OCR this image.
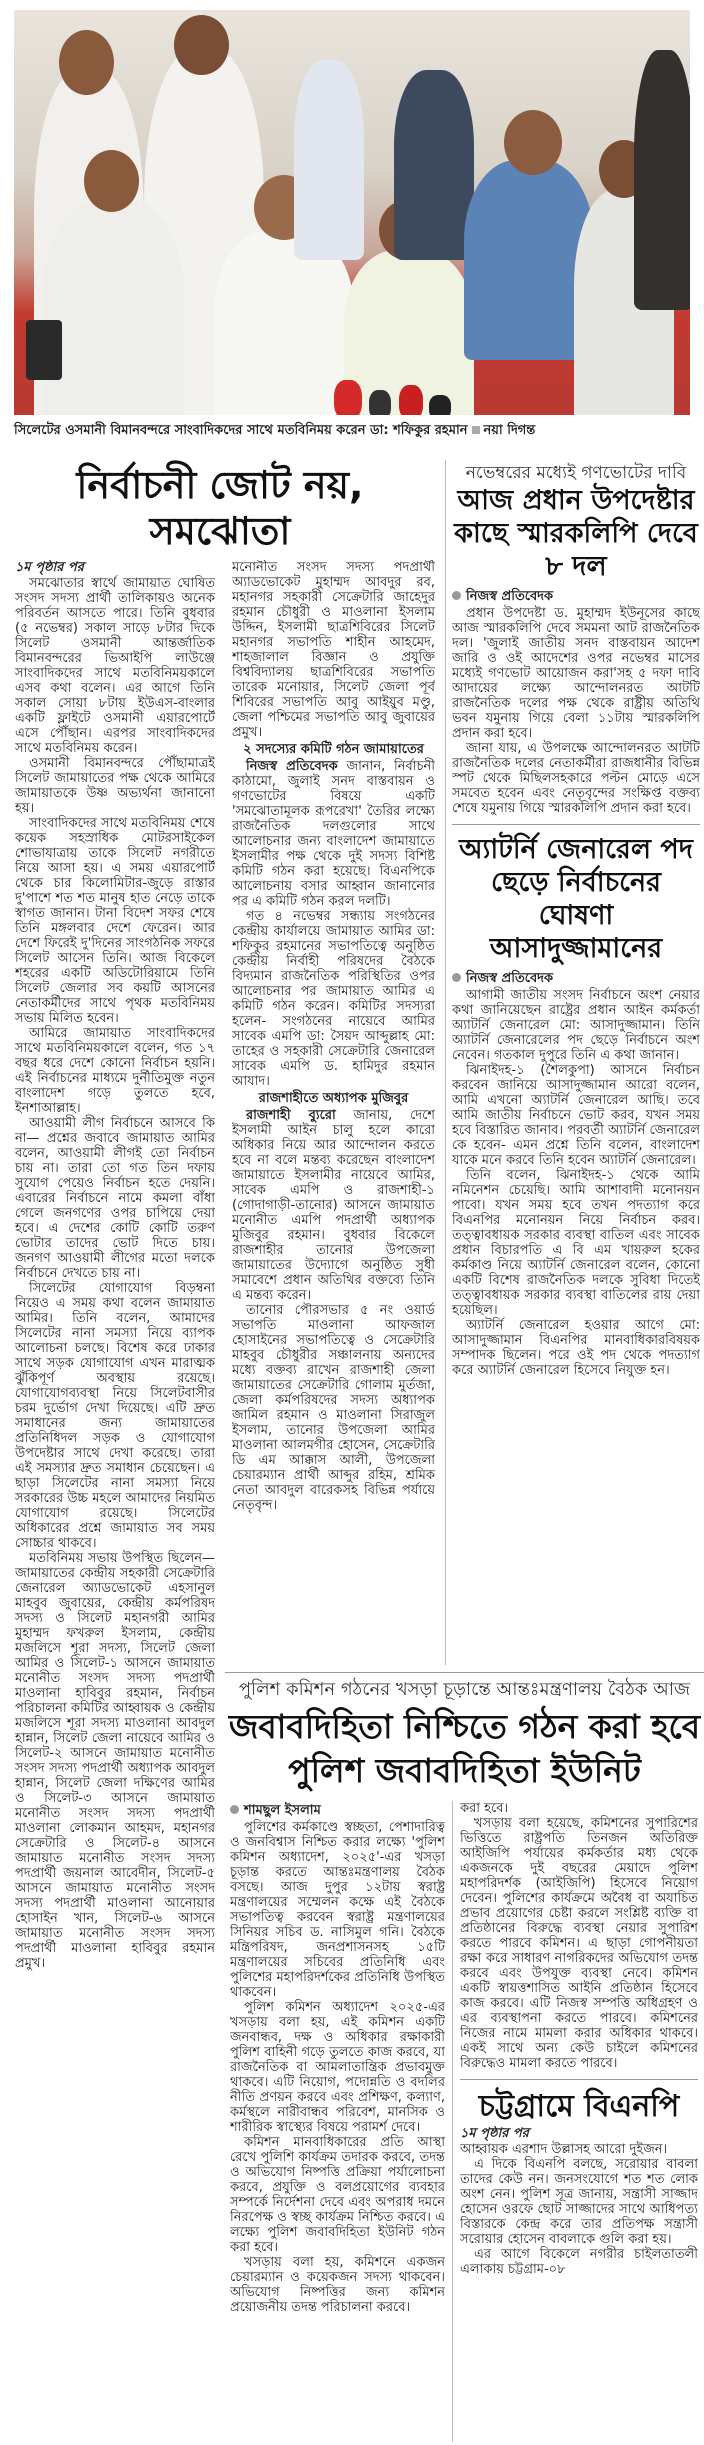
সিলেটের ওসমানী বিমানবন্দরে সাংবাদিকদের সাথে মতবিনিময় করেন ডা: শফিকুর রহমান নয়া দিগন্ত
নির্বাচনী জোট নয়, সমঝোতা
১ম পৃষ্ঠার পর

সমঝোতার স্বার্থে জামায়াত ঘোষিত সংসদ সদস্য প্রার্থী তালিকায়ও অনেক পরিবর্তন আসতে পারে। তিনি বুধবার (৫ নভেম্বর) সকাল সাড়ে ৮টার দিকে সিলেট ওসমানী আন্তর্জাতিক বিমানবন্দরের ভিআইপি লাউঞ্জে সাংবাদিকদের সাথে মতবিনিময়কালে এসব কথা বলেন। এর আগে তিনি সকাল সোয়া ৮টায় ইউএস-বাংলার একটি ফ্লাইটে ওসমানী এয়ারপোর্টে এসে পৌঁছান। এরপর সাংবাদিকদের সাথে মতবিনিময় করেন।

ওসমানী বিমানবন্দরে পৌঁছামাত্রই সিলেট জামায়াতের পক্ষ থেকে আমিরে জামায়াতকে উষ্ণ অভ্যর্থনা জানানো হয়।

সাংবাদিকদের সাথে মতবিনিময় শেষে কয়েক সহস্রাধিক মোটরসাইকেল শোভাযাত্রায় তাকে সিলেট নগরীতে নিয়ে আসা হয়। এ সময় এয়ারপোর্ট থেকে চার কিলোমিটার-জুড়ে রাস্তার দু'পাশে শত শত মানুষ হাত নেড়ে তাকে স্বাগত জানান। টানা বিদেশ সফর শেষে তিনি মঙ্গলবার দেশে ফেরেন। আর দেশে ফিরেই দু'দিনের সাংগঠনিক সফরে সিলেট আসেন তিনি। আজ বিকেলে শহরের একটি অডিটোরিয়ামে তিনি সিলেট জেলার সব কয়টি আসনের নেতাকর্মীদের সাথে পৃথক মতবিনিময় সভায় মিলিত হবেন।

আমিরে জামায়াত সাংবাদিকদের সাথে মতবিনিময়কালে বলেন, গত ১৭ বছর ধরে দেশে কোনো নির্বাচন হয়নি। এই নির্বাচনের মাধ্যমে দুর্নীতিমুক্ত নতুন বাংলাদেশ গড়ে তুলতে হবে, ইনশাআল্লাহ।

আওয়ামী লীগ নির্বাচনে আসবে কি না— প্রশ্নের জবাবে জামায়াত আমির বলেন, আওয়ামী লীগই তো নির্বাচন চায় না। তারা তো গত তিন দফায় সুযোগ পেয়েও নির্বাচন হতে দেয়নি। এবারের নির্বাচনে নামে কমলা বাঁধা গেলে জনগণের ওপর চাপিয়ে দেয়া হবে। এ দেশের কোটি কোটি তরুণ ভোটার তাদের ভোট দিতে চায়। জনগণ আওয়ামী লীগের মতো দলকে নির্বাচনে দেখতে চায় না।

সিলেটের যোগাযোগ বিড়ম্বনা নিয়েও এ সময় কথা বলেন জামায়াত আমির। তিনি বলেন, আমাদের সিলেটের নানা সমস্যা নিয়ে ব্যাপক আলোচনা চলছে। বিশেষ করে ঢাকার সাথে সড়ক যোগাযোগ এখন মারাত্মক ঝুঁকিপূর্ণ অবস্থায় রয়েছে। যোগাযোগব্যবস্থা নিয়ে সিলেটবাসীর চরম দুর্ভোগ দেখা দিয়েছে। এটি দ্রুত সমাধানের জন্য জামায়াতের প্রতিনিধিদল সড়ক ও যোগাযোগ উপদেষ্টার সাথে দেখা করেছে। তারা এই সমস্যার দ্রুত সমাধান চেয়েছেন। এ ছাড়া সিলেটের নানা সমস্যা নিয়ে সরকারের উচ্চ মহলে আমাদের নিয়মিত যোগাযোগ রয়েছে। সিলেটের অধিকারের প্রশ্নে জামায়াত সব সময় সোচ্চার থাকবে।

মতবিনিময় সভায় উপস্থিত ছিলেন— জামায়াতের কেন্দ্রীয় সহকারী সেক্রেটারি জেনারেল অ্যাডভোকেট এহসানুল মাহবুব জুবায়ের, কেন্দ্রীয় কর্মপরিষদ সদস্য ও সিলেট মহানগরী আমির মুহাম্মদ ফখরুল ইসলাম, কেন্দ্রীয় মজলিসে শূরা সদস্য, সিলেট জেলা আমির ও সিলেট-১ আসনে জামায়াত মনোনীত সংসদ সদস্য পদপ্রার্থী মাওলানা হাবিবুর রহমান, নির্বাচন পরিচালনা কমিটির আহ্বায়ক ও কেন্দ্রীয় মজলিসে শূরা সদস্য মাওলানা আবদুল হান্নান, সিলেট জেলা নায়েবে আমির ও সিলেট-২ আসনে জামায়াত মনোনীত সংসদ সদস্য পদপ্রার্থী অধ্যাপক আবদুল হান্নান, সিলেট জেলা দক্ষিণের আমির ও সিলেট-৩ আসনে জামায়াত মনোনীত সংসদ সদস্য পদপ্রার্থী মাওলানা লোকমান আহমদ, মহানগর সেক্রেটারি ও সিলেট-৪ আসনে জামায়াত মনোনীত সংসদ সদস্য পদপ্রার্থী জয়নাল আবেদীন, সিলেট-৫ আসনে জামায়াত মনোনীত সংসদ সদস্য পদপ্রার্থী মাওলানা আনোয়ার হোসাইন খান, সিলেট-৬ আসনে জামায়াত মনোনীত সংসদ সদস্য পদপ্রার্থী মাওলানা হাবিবুর রহমান প্রমুখ।

মনোনীত সংসদ সদস্য পদপ্রার্থী অ্যাডভোকেট মুহাম্মদ আবদুর রব, মহানগর সহকারী সেক্রেটারি জাহেদুর রহমান চৌধুরী ও মাওলানা ইসলাম উদ্দিন, ইসলামী ছাত্রশিবিরের সিলেট মহানগর সভাপতি শাহীন আহমেদ, শাহজালাল বিজ্ঞান ও প্রযুক্তি বিশ্ববিদ্যালয় ছাত্রশিবিরের সভাপতি তারেক মনোয়ার, সিলেট জেলা পূর্ব শিবিরের সভাপতি আবু আইয়ুব মণ্ডু, জেলা পশ্চিমের সভাপতি আবু জুবায়ের প্রমুখ।

২ সদস্যের কমিটি গঠন জামায়াতের

নিজস্ব প্রতিবেদক জানান, নির্বাচনী কাঠামো, জুলাই সনদ বাস্তবায়ন ও গণভোটের বিষয়ে একটি 'সমঝোতামূলক রূপরেখা' তৈরির লক্ষ্যে রাজনৈতিক দলগুলোর সাথে আলোচনার জন্য বাংলাদেশ জামায়াতে ইসলামীর পক্ষ থেকে দুই সদস্য বিশিষ্ট কমিটি গঠন করা হয়েছে। বিএনপিকে আলোচনায় বসার আহ্বান জানানোর পর এ কমিটি গঠন করল দলটি।

গত ৪ নভেম্বর সন্ধ্যায় সংগঠনের কেন্দ্রীয় কার্যালয়ে জামায়াত আমির ডা: শফিকুর রহমানের সভাপতিত্বে অনুষ্ঠিত কেন্দ্রীয় নির্বাহী পরিষদের বৈঠকে বিদ্যমান রাজনৈতিক পরিস্থিতির ওপর আলোচনার পর জামায়াত আমির এ কমিটি গঠন করেন। কমিটির সদস্যরা হলেন- সংগঠনের নায়েবে আমির সাবেক এমপি ডা: সৈয়দ আব্দুল্লাহ মো: তাহের ও সহকারী সেক্রেটারি জেনারেল সাবেক এমপি ড. হামিদুর রহমান আযাদ।

রাজশাহীতে অধ্যাপক মুজিবুর

রাজশাহী ব্যুরো জানায়, দেশে ইসলামী আইন চালু হলে কারো অধিকার নিয়ে আর আন্দোলন করতে হবে না বলে মন্তব্য করেছেন বাংলাদেশ জামায়াতে ইসলামীর নায়েবে আমির, সাবেক এমপি ও রাজশাহী-১ (গোদাগাড়ী-তানোর) আসনে জামায়াত মনোনীত এমপি পদপ্রার্থী অধ্যাপক মুজিবুর রহমান। বুধবার বিকেলে রাজশাহীর তানোর উপজেলা জামায়াতের উদ্যোগে অনুষ্ঠিত সুধী সমাবেশে প্রধান অতিথির বক্তব্যে তিনি এ মন্তব্য করেন।

তানোর পৌরসভার ৫ নং ওয়ার্ড সভাপতি মাওলানা আফজাল হোসাইনের সভাপতিত্বে ও সেক্রেটারি মাহবুব চৌধুরীর সঞ্চালনায় অন্যদের মধ্যে বক্তব্য রাখেন রাজশাহী জেলা জামায়াতের সেক্রেটারি গোলাম মুর্তজা, জেলা কর্মপরিষদের সদস্য অধ্যাপক জামিল রহমান ও মাওলানা সিরাজুল ইসলাম, তানোর উপজেলা আমির মাওলানা আলমগীর হোসেন, সেক্রেটারি ডি এম আক্কাস আলী, উপজেলা চেয়ারম্যান প্রার্থী আব্দুর রহিম, শ্রমিক নেতা আবদুল বারেকসহ বিভিন্ন পর্যায়ে নেতৃবৃন্দ।

নভেম্বরের মধ্যেই গণভোটের দাবি
আজ প্রধান উপদেষ্টার কাছে স্মারকলিপি দেবে ৮ দল
নিজস্ব প্রতিবেদক

প্রধান উপদেষ্টা ড. মুহাম্মদ ইউনূসের কাছে আজ স্মারকলিপি দেবে সমমনা আট রাজনৈতিক দল। 'জুলাই জাতীয় সনদ বাস্তবায়ন আদেশ জারি ও ওই আদেশের ওপর নভেম্বর মাসের মধ্যেই গণভোট আয়োজন করা'সহ ৫ দফা দাবি আদায়ের লক্ষ্যে আন্দোলনরত আটটি রাজনৈতিক দলের পক্ষ থেকে রাষ্ট্রীয় অতিথি ভবন যমুনায় গিয়ে বেলা ১১টায় স্মারকলিপি প্রদান করা হবে।

জানা যায়, এ উপলক্ষে আন্দোলনরত আটটি রাজনৈতিক দলের নেতাকর্মীরা রাজধানীর বিভিন্ন স্পট থেকে মিছিলসহকারে পল্টন মোড়ে এসে সমবেত হবেন এবং নেতৃবৃন্দের সংক্ষিপ্ত বক্তব্য শেষে যমুনায় গিয়ে স্মারকলিপি প্রদান করা হবে।

অ্যাটর্নি জেনারেল পদ ছেড়ে নির্বাচনের ঘোষণা আসাদুজ্জামানের
নিজস্ব প্রতিবেদক

আগামী জাতীয় সংসদ নির্বাচনে অংশ নেয়ার কথা জানিয়েছেন রাষ্ট্রের প্রধান আইন কর্মকর্তা অ্যাটর্নি জেনারেল মো: আসাদুজ্জামান। তিনি অ্যাটর্নি জেনারেলের পদ ছেড়ে নির্বাচনে অংশ নেবেন। গতকাল দুপুরে তিনি এ কথা জানান।

ঝিনাইদহ-১ (শৈলকুপা) আসনে নির্বাচন করবেন জানিয়ে আসাদুজ্জামান আরো বলেন, আমি এখনো অ্যাটর্নি জেনারেল আছি। তবে আমি জাতীয় নির্বাচনে ভোট করব, যখন সময় হবে বিস্তারিত জানাব। পরবর্তী অ্যাটর্নি জেনারেল কে হবেন- এমন প্রশ্নে তিনি বলেন, বাংলাদেশ যাকে মনে করবে তিনি হবেন অ্যাটর্নি জেনারেল।

তিনি বলেন, ঝিনাইদহ-১ থেকে আমি নমিনেশন চেয়েছি। আমি আশাবাদী মনোনয়ন পাবো। যখন সময় হবে তখন পদত্যাগ করে বিএনপির মনোনয়ন নিয়ে নির্বাচন করব। তত্ত্বাবধায়ক সরকার ব্যবস্থা বাতিল এবং সাবেক প্রধান বিচারপতি এ বি এম খায়রুল হকের কর্মকাণ্ড নিয়ে অ্যাটর্নি জেনারেল বলেন, কোনো একটি বিশেষ রাজনৈতিক দলকে সুবিধা দিতেই তত্ত্বাবধায়ক সরকার ব্যবস্থা বাতিলের রায় দেয়া হয়েছিল।

অ্যাটর্নি জেনারেল হওয়ার আগে মো: আসাদুজ্জামান বিএনপির মানবাধিকারবিষয়ক সম্পাদক ছিলেন। পরে ওই পদ থেকে পদত্যাগ করে অ্যাটর্নি জেনারেল হিসেবে নিযুক্ত হন।

পুলিশ কমিশন গঠনের খসড়া চূড়ান্তে আন্তঃমন্ত্রণালয় বৈঠক আজ
জবাবদিহিতা নিশ্চিতে গঠন করা হবে পুলিশ জবাবদিহিতা ইউনিট
শামছুল ইসলাম

পুলিশের কর্মকাণ্ডে স্বচ্ছতা, পেশাদারিত্ব ও জনবিশ্বাস নিশ্চিত করার লক্ষ্যে 'পুলিশ কমিশন অধ্যাদেশ, ২০২৫'-এর খসড়া চূড়ান্ত করতে আন্তঃমন্ত্রণালয় বৈঠক বসছে। আজ দুপুর ১২টায় স্বরাষ্ট্র মন্ত্রণালয়ের সম্মেলন কক্ষে এই বৈঠকে সভাপতিত্ব করবেন স্বরাষ্ট্র মন্ত্রণালয়ের সিনিয়র সচিব ড. নাসিমুল গনি। বৈঠকে মন্ত্রিপরিষদ, জনপ্রশাসনসহ ১৫টি মন্ত্রণালয়ের সচিবের প্রতিনিধি এবং পুলিশের মহাপরিদর্শকের প্রতিনিধি উপস্থিত থাকবেন।

পুলিশ কমিশন অধ্যাদেশ ২০২৫-এর খসড়ায় বলা হয়, এই কমিশন একটি জনবান্ধব, দক্ষ ও অধিকার রক্ষাকারী পুলিশ বাহিনী গড়ে তুলতে কাজ করবে, যা রাজনৈতিক বা আমলাতান্ত্রিক প্রভাবমুক্ত থাকবে। এটি নিয়োগ, পদোন্নতি ও বদলির নীতি প্রণয়ন করবে এবং প্রশিক্ষণ, কল্যাণ, কর্মস্থলে নারীবান্ধব পরিবেশ, মানসিক ও শারীরিক স্বাস্থ্যের বিষয়ে পরামর্শ দেবে।

কমিশন মানবাধিকারের প্রতি আস্থা রেখে পুলিশি কার্যক্রম তদারক করবে, তদন্ত ও অভিযোগ নিষ্পত্তি প্রক্রিয়া পর্যালোচনা করবে, প্রযুক্তি ও বলপ্রয়োগের ব্যবহার সম্পর্কে নির্দেশনা দেবে এবং অপরাধ দমনে নিরপেক্ষ ও স্বচ্ছ কার্যক্রম নিশ্চিত করবে। এ লক্ষ্যে পুলিশ জবাবদিহিতা ইউনিট গঠন করা হবে।

খসড়ায় বলা হয়, কমিশনে একজন চেয়ারম্যান ও কয়েকজন সদস্য থাকবেন। অভিযোগ নিষ্পত্তির জন্য কমিশন প্রয়োজনীয় তদন্ত পরিচালনা করবে।

করা হবে।

খসড়ায় বলা হয়েছে, কমিশনের সুপারিশের ভিত্তিতে রাষ্ট্রপতি তিনজন অতিরিক্ত আইজিপি পর্যায়ের কর্মকর্তার মধ্য থেকে একজনকে দুই বছরের মেয়াদে পুলিশ মহাপরিদর্শক (আইজিপি) হিসেবে নিয়োগ দেবেন। পুলিশের কার্যক্রমে অবৈধ বা অযাচিত প্রভাব প্রয়োগের চেষ্টা করলে সংশ্লিষ্ট ব্যক্তি বা প্রতিষ্ঠানের বিরুদ্ধে ব্যবস্থা নেয়ার সুপারিশ করতে পারবে কমিশন। এ ছাড়া গোপনীয়তা রক্ষা করে সাধারণ নাগরিকদের অভিযোগ তদন্ত করবে এবং উপযুক্ত ব্যবস্থা নেবে। কমিশন একটি স্বায়ত্তশাসিত আইনি প্রতিষ্ঠান হিসেবে কাজ করবে। এটি নিজস্ব সম্পত্তি অধিগ্রহণ ও এর ব্যবস্থাপনা করতে পারবে। কমিশনের নিজের নামে মামলা করার অধিকার থাকবে। একই সাথে অন্য কেউ চাইলে কমিশনের বিরুদ্ধেও মামলা করতে পারবে।

চট্টগ্রামে বিএনপি
১ম পৃষ্ঠার পর

আহ্বায়ক এরশাদ উল্লাসহ আরো দুইজন।

এ দিকে বিএনপি বলছে, সরোয়ার বাবলা তাদের কেউ নন। জনসংযোগে শত শত লোক অংশ নেন। পুলিশ সূত্র জানায়, সন্ত্রাসী সাজ্জাদ হোসেন ওরফে ছোট সাজ্জাদের সাথে আধিপত্য বিস্তারকে কেন্দ্র করে তার প্রতিপক্ষ সন্ত্রাসী সরোয়ার হোসেন বাবলাকে গুলি করা হয়।

এর আগে বিকেলে নগরীর চাইলতাতলী এলাকায় চট্টগ্রাম-০৮
